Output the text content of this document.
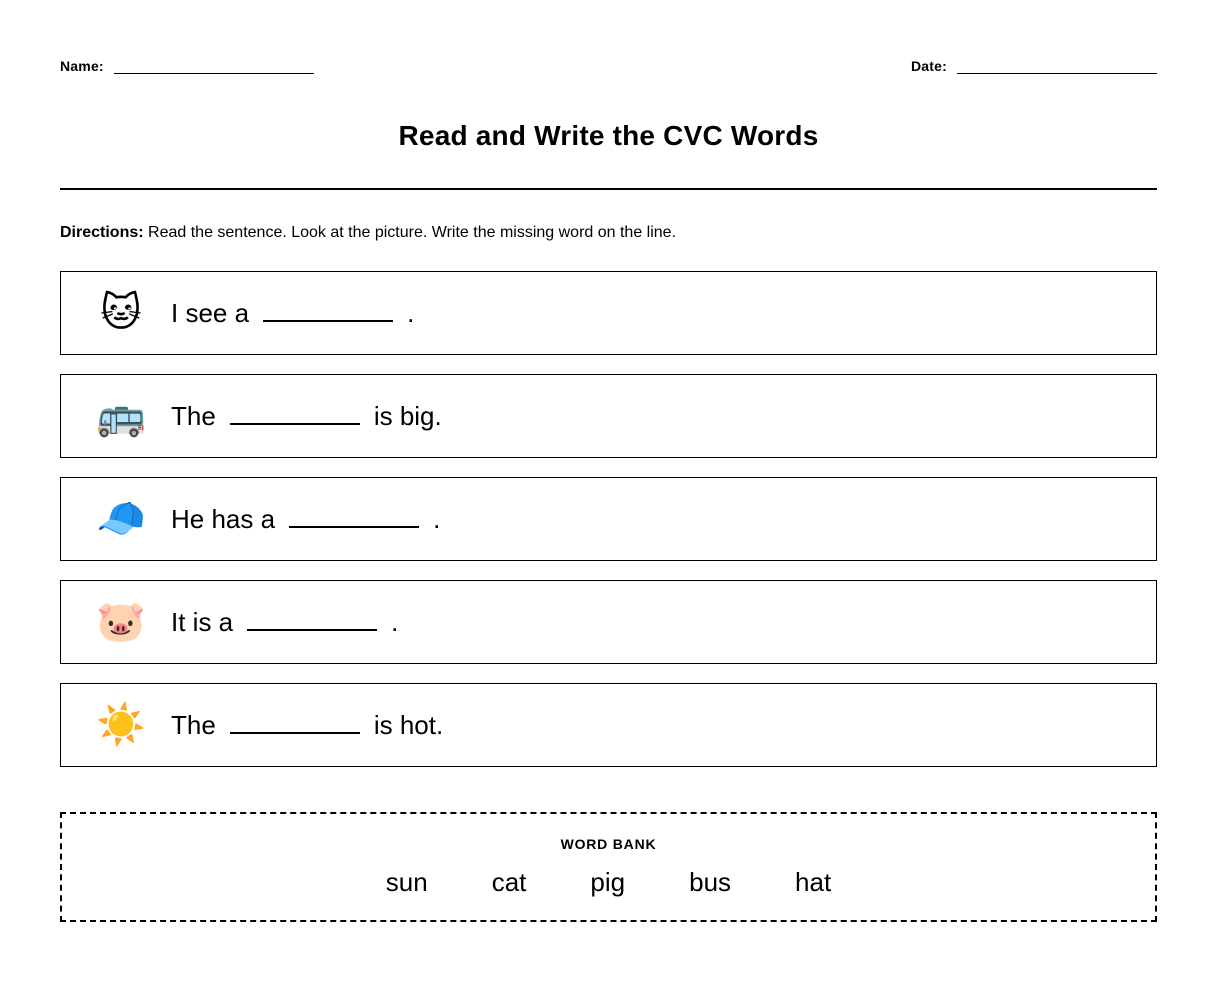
Name:	Date:
Read and Write the CVC Words
Directions: Read the sentence. Look at the picture. Write the missing word on the line.
🐱	I see a	.
🚌 The	is big.
🧢 He has a	.
🐷 It is a	.
☀️ The	is hot.
WORD BANK
sun cat pig bus hat
